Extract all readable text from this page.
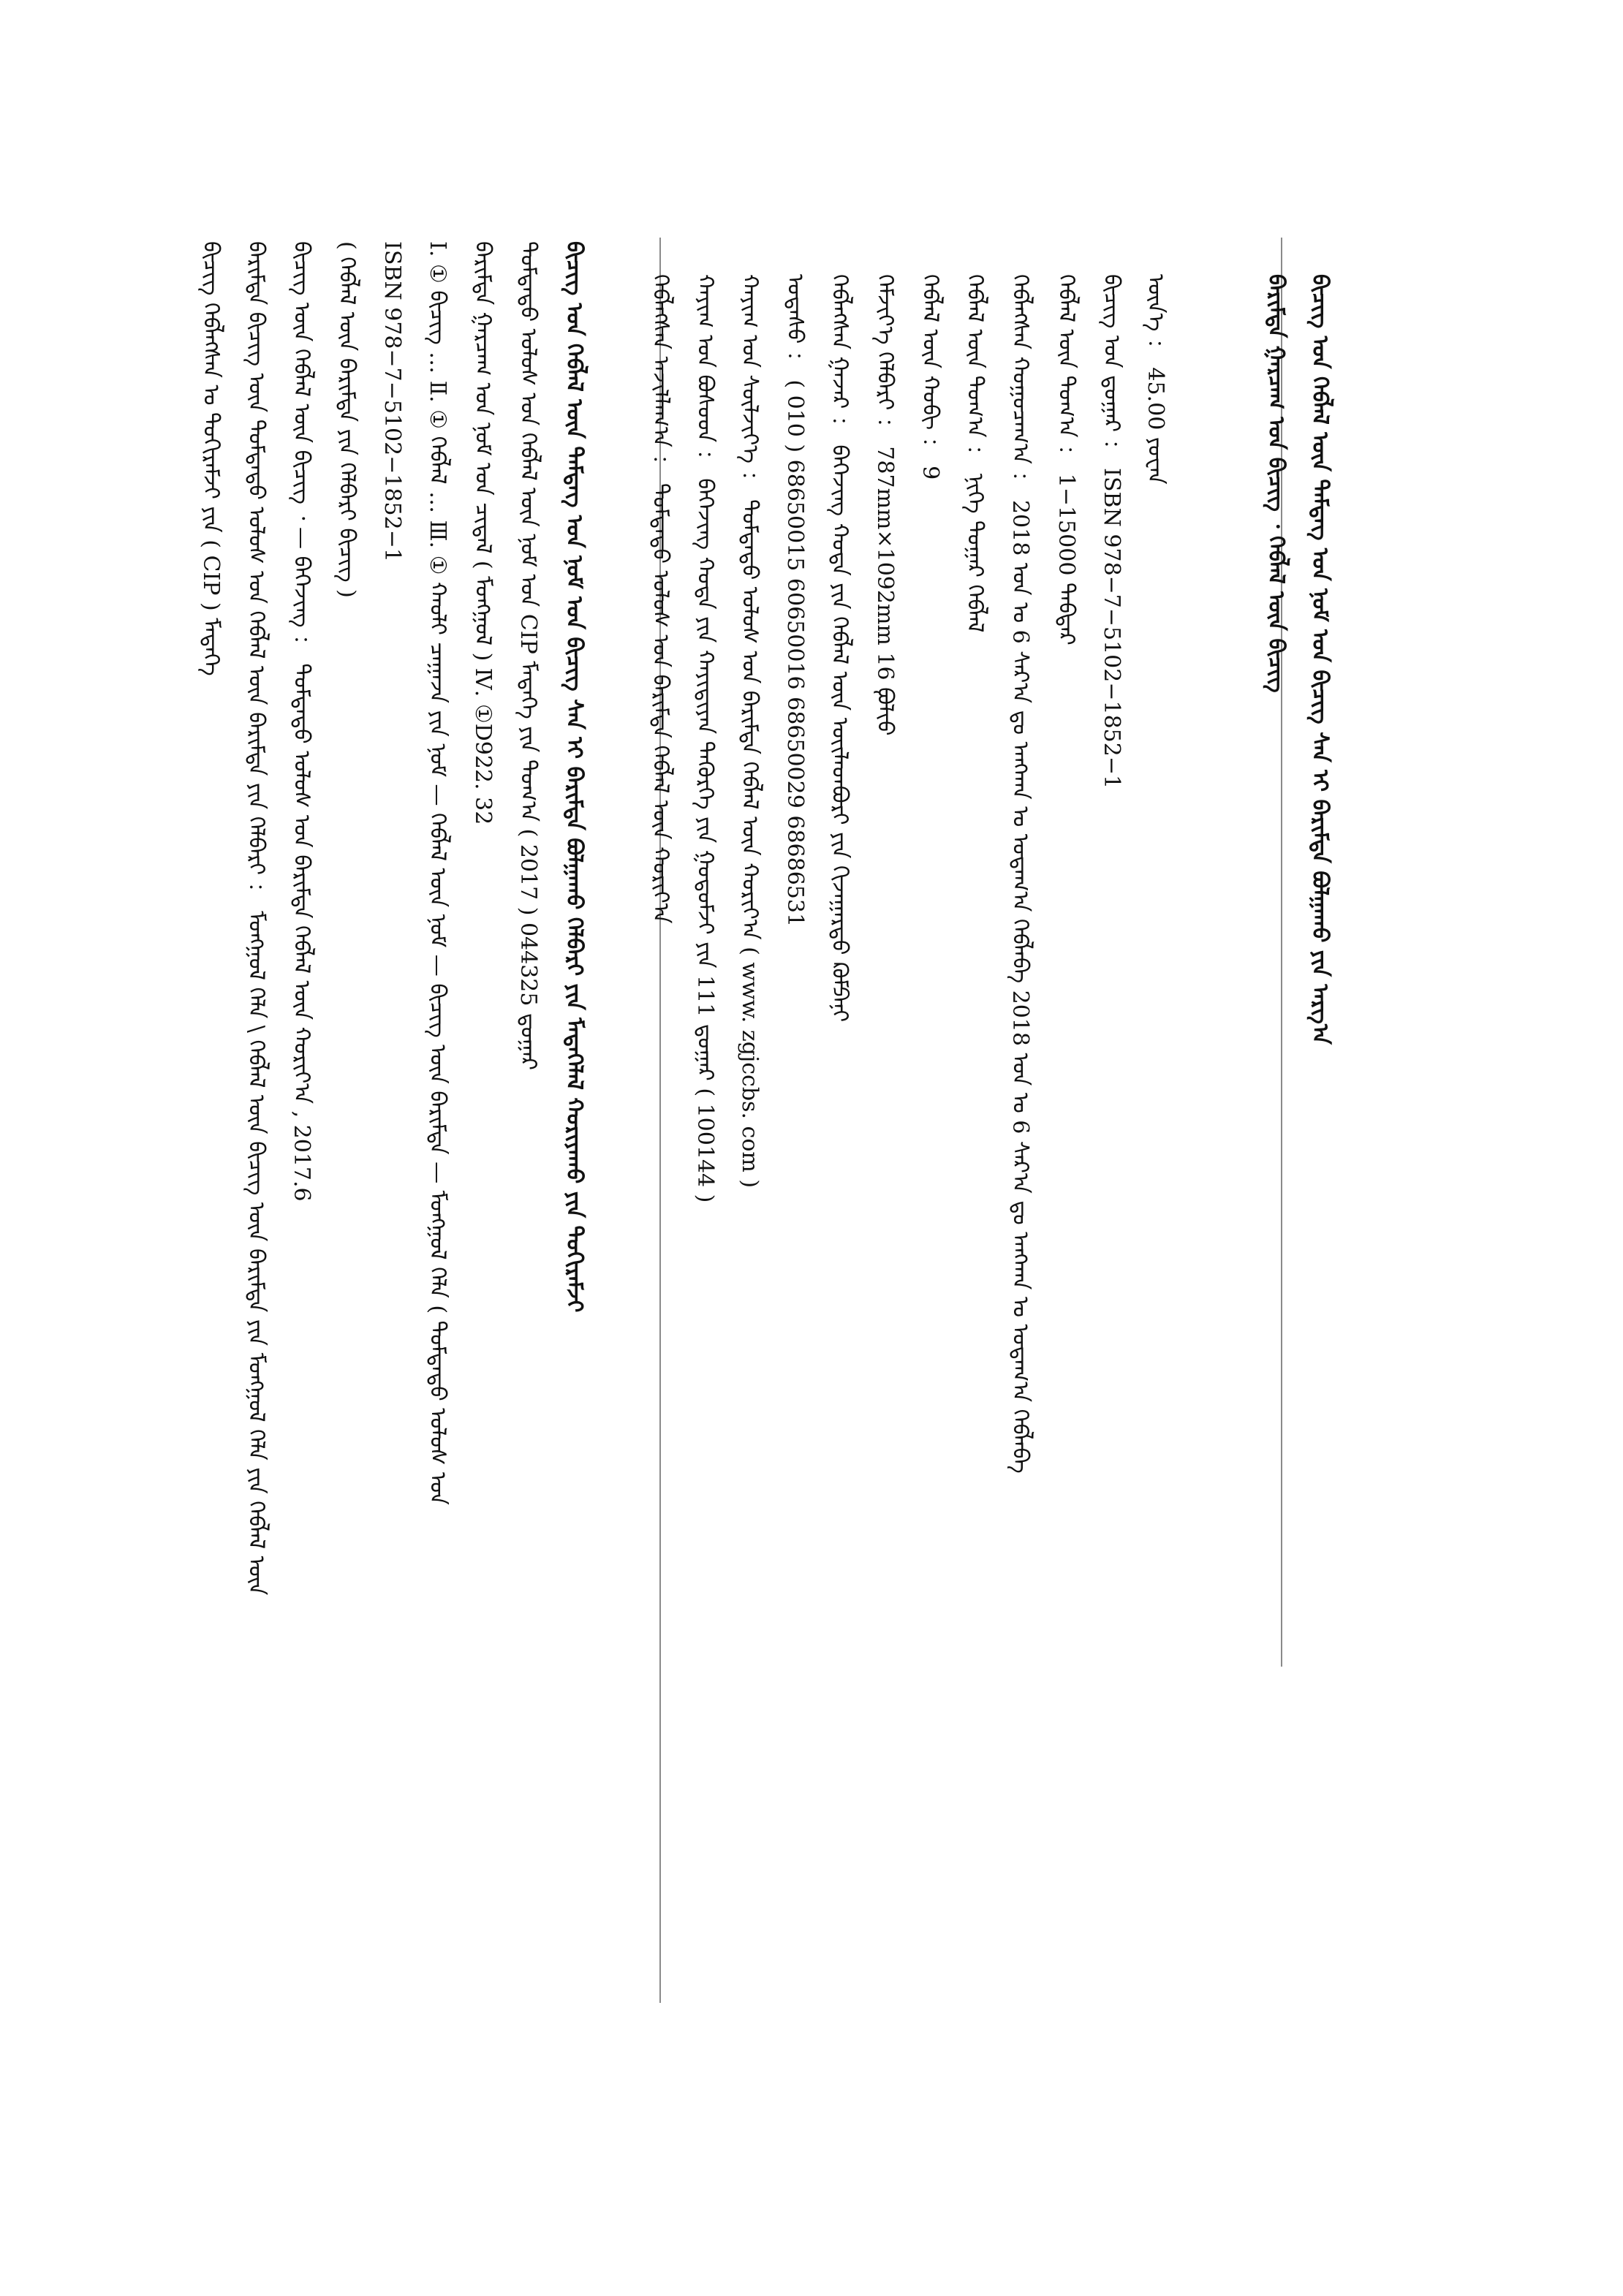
ᠪᠢᠴᠢᠭ ᠤᠨ ᠬᠡᠪᠯᠡᠯ ᠦᠨ ᠲᠡᠮᠳᠡᠭ ᠤᠨ ᠨᠣᠮ ᠤᠨ ᠪᠢᠴᠢᠭ ᠰᠠᠨ ᠢ ᠪᠠᠷᠢᠮᠲᠠ ᠪᠣᠯᠭᠠᠬᠤ ᠶᠢᠨ ᠠᠷᠭ᠎ᠠ
ᠪᠠᠷᠢᠮᠲᠠ ᠭᠠᠷᠴᠠᠭ ᠤᠨ ᠪᠢᠴᠢᠭ ᠂ ᠬᠡᠪᠯᠡᠯ ᠦᠨ ᠪᠢᠴᠢᠭ
ᠦᠨ᠎ᠡ ： 45.00 ᠶᠤᠸᠠᠨ
ᠪᠢᠴᠢᠭ ᠤᠨ ᠳ᠋ᠤᠭᠠᠷ ： ISBN 978−7−5102−1852−1
ᠬᠡᠪᠯᠡᠯ ᠦᠨ ᠲᠣᠭ᠎ᠠ ： 1−15000 ᠳᠡᠪᠲᠡᠷ
ᠬᠡᠪᠯᠡᠭᠰᠡᠨ ᠬᠤᠭᠤᠴᠠᠭ᠎ᠠ ： 2018 ᠣᠨ ᠤ 6 ᠰᠠᠷ᠎ᠠ ᠳᠤ ᠠᠩᠬᠠᠨ ᠤ ᠤᠳᠠᠭ᠎ᠠ ᠬᠡᠪᠯᠡᠪᠡ 2018 ᠣᠨ ᠤ 6 ᠰᠠᠷ᠎ᠠ ᠳᠤ ᠠᠩᠬᠠᠨ ᠤ ᠤᠳᠠᠭ᠎ᠠ ᠬᠡᠪᠯᠡᠪᠡ
ᠬᠡᠪᠯᠡᠯ ᠦᠨ ᠲᠣᠭ᠎ᠠ ： ᠨᠢᠭᠡ ᠳᠤᠭᠠᠷ ᠬᠡᠪᠯᠡᠯ
ᠬᠡᠪᠯᠡᠯ ᠦᠨ ᠬᠤᠪᠢ ： 9
ᠬᠡᠮᠵᠢᠶ᠎ᠡ ᠬᠡᠯᠪᠡᠷᠢ ： 787mm×1092mm 16 ᠹᠣᠯᠢᠤ
ᠬᠡᠪᠯᠡᠭᠰᠡᠨ ᠭᠠᠵᠠᠷ ： ᠪᠡᠭᠡᠵᠢᠩ ᠬᠣᠲᠠ ᠶᠢᠨ ᠬᠡᠪᠯᠡᠯ ᠦᠨ ᠦᠢᠯᠡᠳᠪᠦᠷᠢ ᠶᠢᠨ ᠬᠢᠵᠠᠭᠠᠷᠲᠤ ᠺᠣᠮᠫᠠᠨᠢ
ᠤᠲᠠᠰᠤ ： ( 010 ) 68650015 60650016 68650029 68686531
ᠬᠠᠶᠢᠭ ᠤᠨ ᠰᠦᠯᠵᠢᠶ᠎ᠡ ： ᠳᠤᠮᠳᠠᠳᠤ ᠤᠯᠤᠰ ᠤᠨ ᠪᠠᠷᠢᠮᠲᠠ ᠬᠡᠪᠯᠡᠯ ᠦᠨ ᠬᠣᠷᠢᠶ᠎ᠠ ( www. zgjccbs. com )
ᠬᠠᠶᠢᠭ ᠤᠨ ᠪᠤᠰᠤᠳ ： ᠪᠡᠭᠡᠵᠢᠩ ᠬᠣᠲᠠ ᠶᠢᠨ ᠬᠠᠶᠢᠳᠢᠶᠠᠨ ᠳᠡᠭᠦᠷᠭᠡ ᠶᠢᠨ ᠭᠤᠳᠤᠮᠵᠢ ᠶᠢᠨ 111 ᠳ᠋ᠤᠭᠠᠷ ( 100144 )
ᠬᠡᠪᠯᠡᠭᠰᠡᠨ ᠠᠵᠢᠯᠯᠠᠭ᠎ᠠ ： ᠳᠤᠮᠳᠠᠳᠤ ᠤᠯᠤᠰ ᠤᠨ ᠪᠠᠷᠢᠮᠲᠠ ᠬᠡᠪᠯᠡᠯ ᠦᠨ ᠬᠣᠷᠢᠶ᠎ᠠ
ᠪᠢᠴᠢᠭ ᠤᠨ ᠬᠡᠪᠯᠡᠯ ᠦᠨ ᠲᠡᠮᠳᠡᠭ ᠤᠨ ᠨᠣᠮ ᠤᠨ ᠪᠢᠴᠢᠭ ᠰᠠᠨ ᠢ ᠪᠠᠷᠢᠮᠲᠠ ᠪᠣᠯᠭᠠᠬᠤ ᠬᠡᠯᠪᠡᠷᠢ ᠶᠢᠨ ᠮᠡᠳᠡᠭᠡᠯᠡᠯ ᠬᠣᠷᠢᠶᠠᠬᠤ ᠶᠢᠨ ᠲᠣᠬᠢᠷᠠᠮᠵᠢ
ᠳᠤᠮᠳᠠᠳᠤ ᠤᠯᠤᠰ ᠤᠨ ᠬᠡᠪᠯᠡᠯ ᠦᠨ ᠨᠣᠮ ᠤᠨ CIP ᠮᠡᠳᠡᠭᠡ ᠶᠢᠨ ᠲᠣᠭ᠎ᠠ ( 2017 ) 044325 ᠳ᠋ᠤᠭᠠᠷ
ᠪᠠᠷᠢᠮᠲᠠ ᠭᠠᠷᠴᠠᠭ ᠤᠨ ᠨᠣᠮ ᠤᠨ ᠴᠢᠳᠠᠯ ( ᠮᠣᠩᠭᠣᠯ ) Ⅳ. ①D922. 32
Ⅰ. ① ᠪᠢᠴᠢᠭ … Ⅱ. ① ᠬᠡᠪᠯᠡᠯ … Ⅲ. ① ᠬᠠᠤᠯᠢ ᠴᠠᠭᠠᠵᠠ ᠶᠢᠨ ᠨᠣᠮ — ᠬᠡᠪᠯᠡᠯ ᠦᠨ ᠨᠣᠮ — ᠪᠢᠴᠢᠭ ᠦᠨ ᠪᠠᠷᠢᠮᠲᠠ — ᠮᠣᠩᠭᠣᠯ ᠬᠡᠯᠡ ( ᠳᠤᠮᠳᠠᠳᠤ ᠤᠯᠤᠰ ᠤᠨ
ISBN 978−7−5102−1852−1
( ᠬᠡᠪᠯᠡᠯ ᠦᠨ ᠪᠠᠷᠢᠮᠲᠠ ᠶᠢᠨ ᠬᠡᠯᠪᠡᠷᠢ ᠪᠢᠴᠢᠭ )
ᠪᠢᠴᠢᠭ ᠦᠨ ᠬᠡᠪᠯᠡᠯ ᠦᠨ ᠪᠢᠴᠢᠭ ᠂ — ᠪᠡᠭᠡᠵᠢᠩ ： ᠳᠤᠮᠳᠠᠳᠤ ᠤᠯᠤᠰ ᠤᠨ ᠪᠠᠷᠢᠮᠲᠠ ᠬᠡᠪᠯᠡᠯ ᠦᠨ ᠬᠣᠷᠢᠶ᠎ᠠ , 2017.6
ᠪᠠᠷᠢᠮᠲᠠ ᠪᠢᠴᠢᠭ ᠦᠨ ᠳᠤᠮᠳᠠᠳᠤ ᠤᠯᠤᠰ ᠤᠨ ᠬᠡᠪᠯᠡᠯ ᠦᠨ ᠪᠠᠷᠢᠮᠲᠠ ᠶᠢᠨ ᠬᠡᠯᠪᠡᠷᠢ ： ᠮᠣᠩᠭᠣᠯ ᠬᠡᠯᠡ \ ᠬᠡᠪᠯᠡᠯ ᠦᠨ ᠪᠢᠴᠢᠭ ᠦᠨ ᠪᠠᠷᠢᠮᠲᠠ ᠶᠢᠨ ᠮᠣᠩᠭᠣᠯ ᠬᠡᠯᠡ ᠶᠢᠨ ᠬᠡᠪᠯᠡᠯ ᠦᠨ
ᠪᠢᠴᠢᠭ ᠬᠡᠪᠯᠡᠭᠰᠡᠨ ᠤ ᠲᠣᠬᠢᠷᠠᠮᠵᠢ ᠶᠢᠨ ( CIP ) ᠮᠡᠳᠡᠭᠡ
